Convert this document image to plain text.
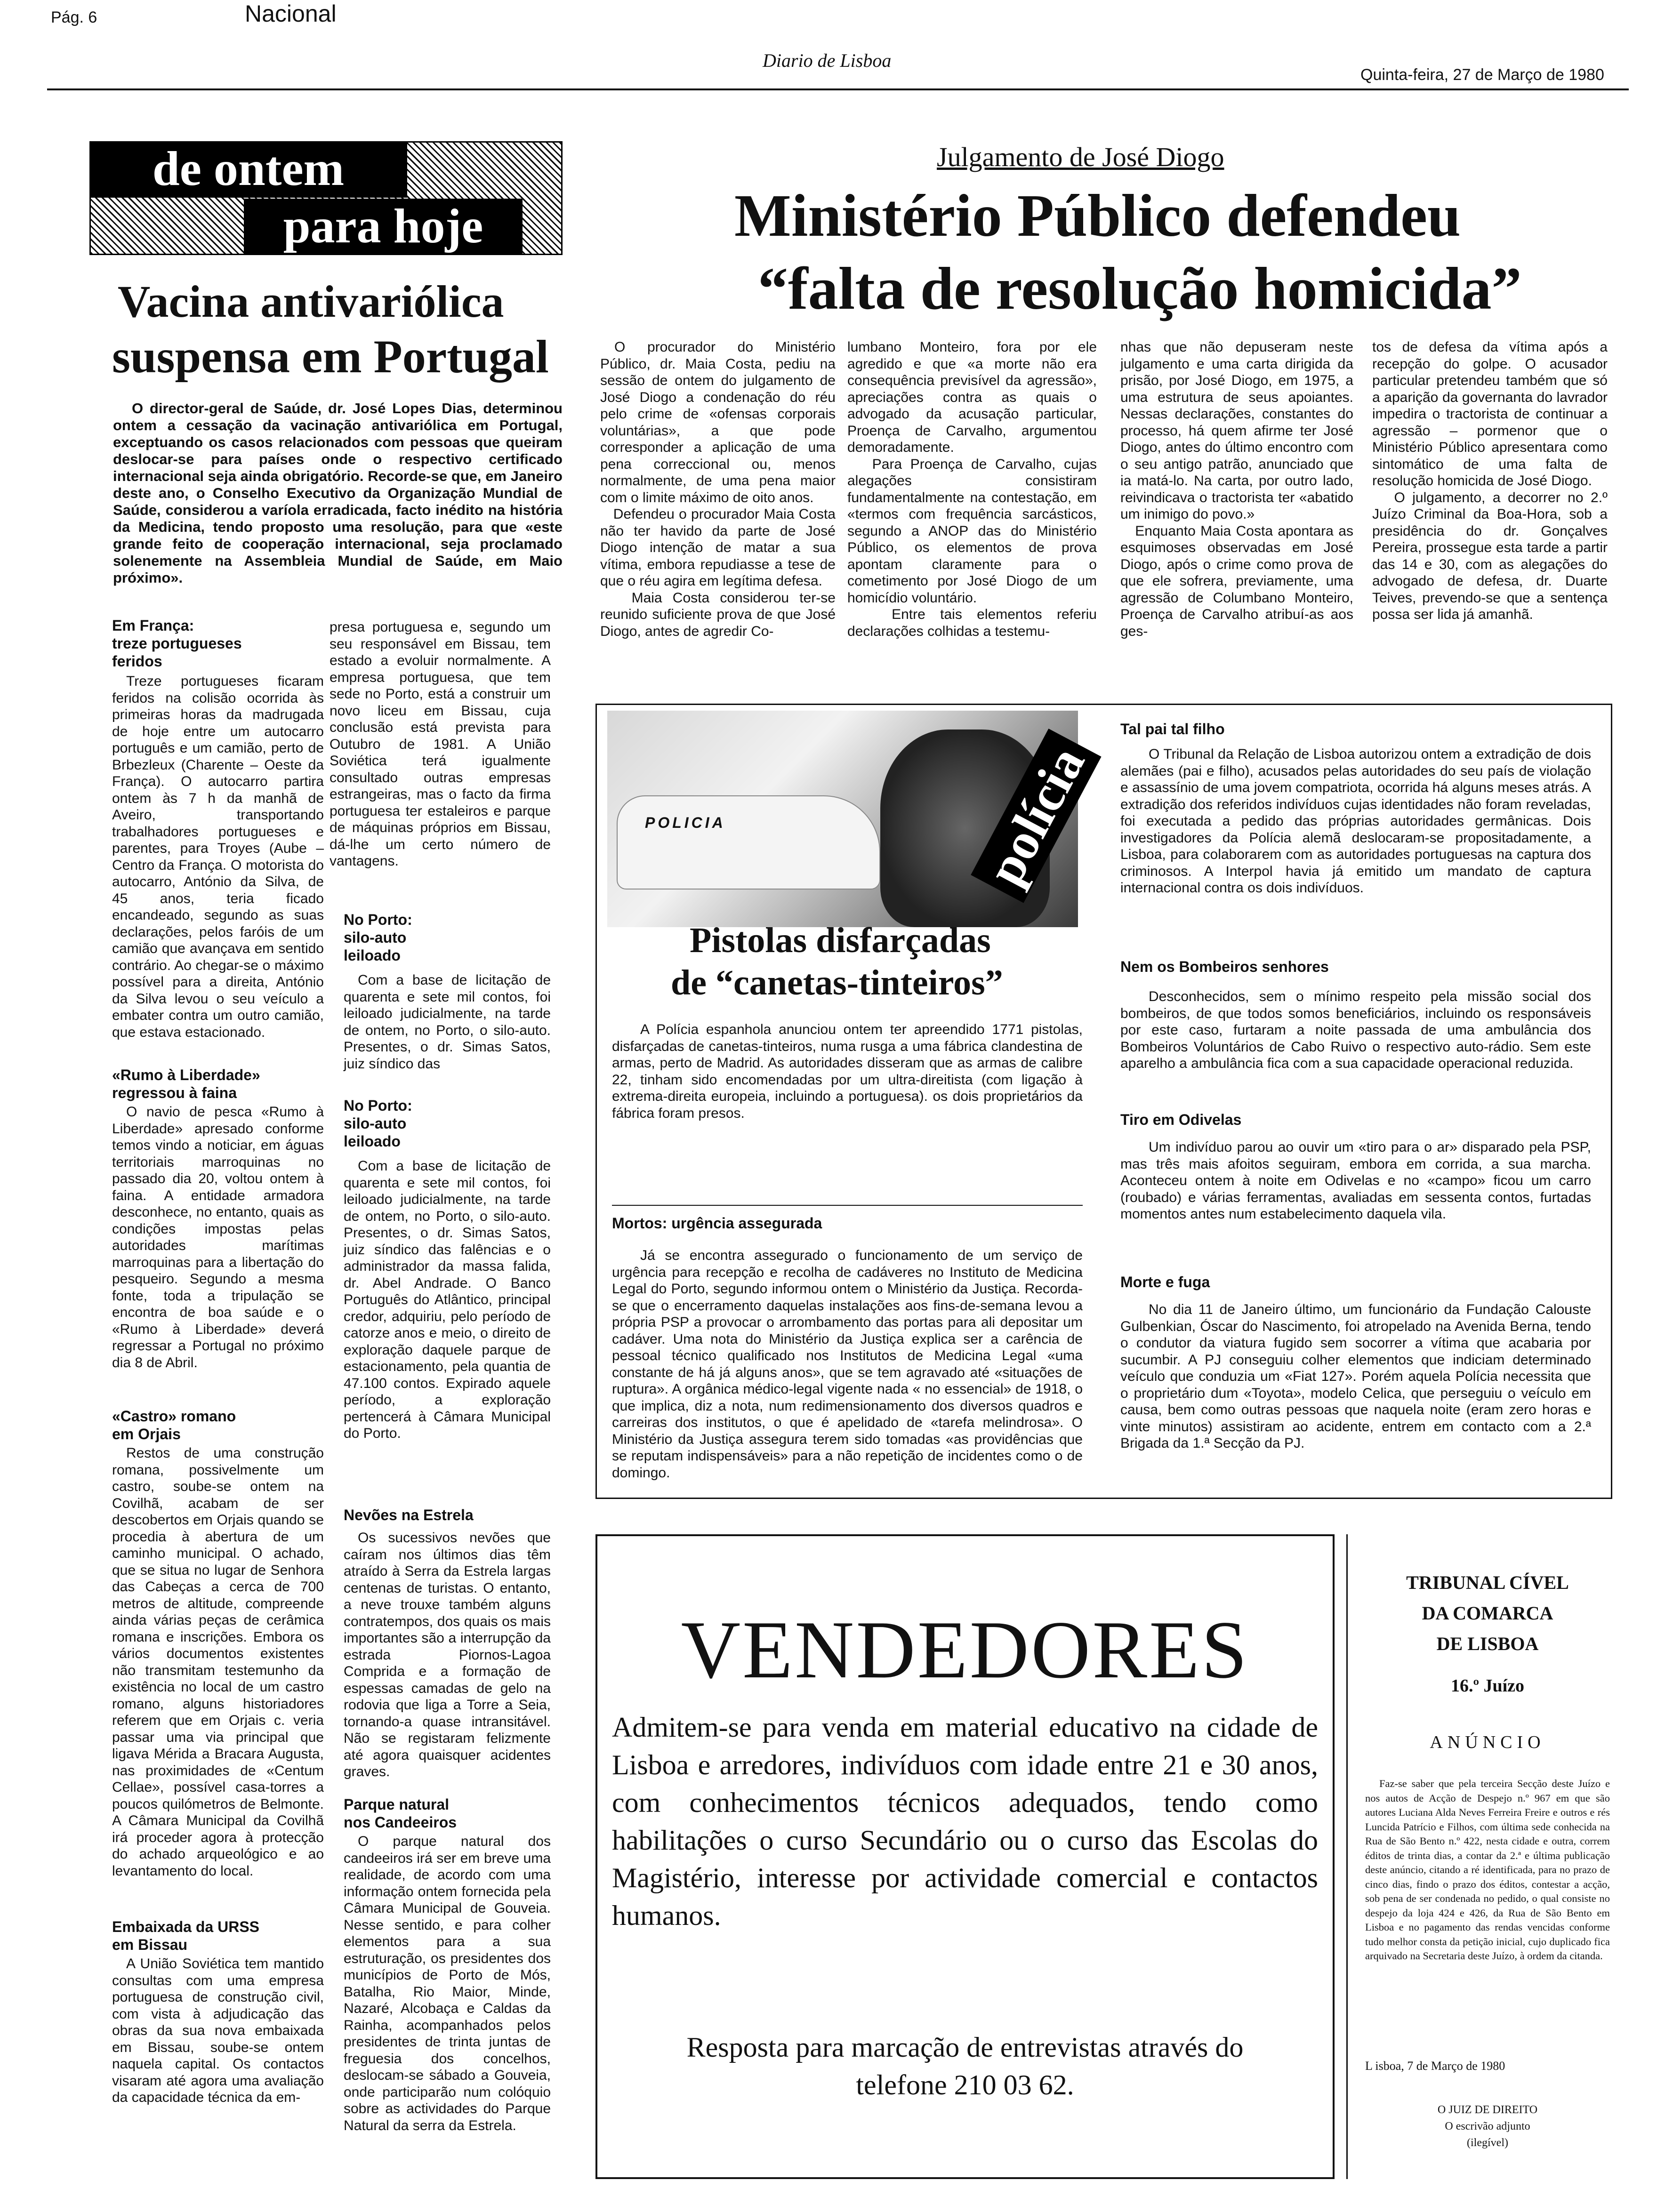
Pág. 6	Nacional
Diario de Lisboa
Quinta-feira, 27 de Março de 1980
de ontem
para hoje
Vacina antivariólica
suspensa em Portugal
O director-geral de Saúde, dr. José Lopes Dias, determinou ontem a cessação da vacinação antivariólica em Portugal, exceptuando os casos relacionados com pessoas que queiram deslocar-se para países onde o respectivo certificado internacional seja ainda obrigatório. Recorde-se que, em Janeiro deste ano, o Conselho Executivo da Organização Mundial de Saúde, considerou a varíola erradicada, facto inédito na história da Medicina, tendo proposto uma resolução, para que «este grande feito de cooperação internacional, seja proclamado solenemente na Assembleia Mundial de Saúde, em Maio próximo».
Em França:
treze portugueses
feridos
Treze portugueses ficaram feridos na colisão ocorrida às primeiras horas da madrugada de hoje entre um autocarro português e um camião, perto de Brbezleux (Charente – Oeste da França). O autocarro partira ontem às 7 h da manhã de Aveiro, transportando trabalhadores portugueses e parentes, para Troyes (Aube – Centro da França. O motorista do autocarro, António da Silva, de 45 anos, teria ficado encandeado, segundo as suas declarações, pelos faróis de um camião que avançava em sentido contrário. Ao chegar-se o máximo possível para a direita, António da Silva levou o seu veículo a embater contra um outro camião, que estava estacionado.
«Rumo à Liberdade»
regressou à faina
O navio de pesca «Rumo à Liberdade» apresado conforme temos vindo a noticiar, em águas territoriais marroquinas no passado dia 20, voltou ontem à faina. A entidade armadora desconhece, no entanto, quais as condições impostas pelas autoridades marítimas marroquinas para a libertação do pesqueiro. Segundo a mesma fonte, toda a tripulação se encontra de boa saúde e o «Rumo à Liberdade» deverá regressar a Portugal no próximo dia 8 de Abril.
«Castro» romano
em Orjais
Restos de uma construção romana, possivelmente um castro, soube-se ontem na Covilhã, acabam de ser descobertos em Orjais quando se procedia à abertura de um caminho municipal. O achado, que se situa no lugar de Senhora das Cabeças a cerca de 700 metros de altitude, compreende ainda várias peças de cerâmica romana e inscrições. Embora os vários documentos existentes não transmitam testemunho da existência no local de um castro romano, alguns historiadores referem que em Orjais c. veria passar uma via principal que ligava Mérida a Bracara Augusta, nas proximidades de «Centum Cellae», possível casa-torres a poucos quilómetros de Belmonte. A Câmara Municipal da Covilhã irá proceder agora à protecção do achado arqueológico e ao levantamento do local.
Embaixada da URSS
em Bissau
A União Soviética tem mantido consultas com uma empresa portuguesa de construção civil, com vista à adjudicação das obras da sua nova embaixada em Bissau, soube-se ontem naquela capital. Os contactos visaram até agora uma avaliação da capacidade técnica da em-
presa portuguesa e, segundo um seu responsável em Bissau, tem estado a evoluir normalmente. A empresa portuguesa, que tem sede no Porto, está a construir um novo liceu em Bissau, cuja conclusão está prevista para Outubro de 1981. A União Soviética terá igualmente consultado outras empresas estrangeiras, mas o facto da firma portuguesa ter estaleiros e parque de máquinas próprios em Bissau, dá-lhe um certo número de vantagens.
No Porto:
silo-auto
leiloado
Com a base de licitação de quarenta e sete mil contos, foi leiloado judicialmente, na tarde de ontem, no Porto, o silo-auto. Presentes, o dr. Simas Satos, juiz síndico das
No Porto:
silo-auto
leiloado
Com a base de licitação de quarenta e sete mil contos, foi leiloado judicialmente, na tarde de ontem, no Porto, o silo-auto. Presentes, o dr. Simas Satos, juiz síndico das falências e o administrador da massa falida, dr. Abel Andrade. O Banco Português do Atlântico, principal credor, adquiriu, pelo período de catorze anos e meio, o direito de exploração daquele parque de estacionamento, pela quantia de 47.100 contos. Expirado aquele período, a exploração pertencerá à Câmara Municipal do Porto.
Nevões na Estrela
Os sucessivos nevões que caíram nos últimos dias têm atraído à Serra da Estrela largas centenas de turistas. O entanto, a neve trouxe também alguns contratempos, dos quais os mais importantes são a interrupção da estrada Piornos-Lagoa Comprida e a formação de espessas camadas de gelo na rodovia que liga a Torre a Seia, tornando-a quase intransitável. Não se registaram felizmente até agora quaisquer acidentes graves.
Parque natural
nos Candeeiros
O parque natural dos candeeiros irá ser em breve uma realidade, de acordo com uma informação ontem fornecida pela Câmara Municipal de Gouveia. Nesse sentido, e para colher elementos para a sua estruturação, os presidentes dos municípios de Porto de Mós, Batalha, Rio Maior, Minde, Nazaré, Alcobaça e Caldas da Rainha, acompanhados pelos presidentes de trinta juntas de freguesia dos concelhos, deslocam-se sábado a Gouveia, onde participarão num colóquio sobre as actividades do Parque Natural da serra da Estrela.
Julgamento de José Diogo
Ministério Público defendeu
“falta de resolução homicida”
O procurador do Ministério Público, dr. Maia Costa, pediu na sessão de ontem do julgamento de José Diogo a condenação do réu pelo crime de «ofensas corporais voluntárias», a que pode corresponder a aplicação de uma pena correccional ou, menos normalmente, de uma pena maior com o limite máximo de oito anos.
Defendeu o procurador Maia Costa não ter havido da parte de José Diogo intenção de matar a sua vítima, embora repudiasse a tese de que o réu agira em legítima defesa.
Maia Costa considerou ter-se reunido suficiente prova de que José Diogo, antes de agredir Co-
lumbano Monteiro, fora por ele agredido e que «a morte não era consequência previsível da agressão», apreciações contra as quais o advogado da acusação particular, Proença de Carvalho, argumentou demoradamente.
Para Proença de Carvalho, cujas alegações consistiram fundamentalmente na contestação, em «termos com frequência sarcásticos, segundo a ANOP das do Ministério Público, os elementos de prova apontam claramente para o cometimento por José Diogo de um homicídio voluntário.
Entre tais elementos referiu declarações colhidas a testemu-
nhas que não depuseram neste julgamento e uma carta dirigida da prisão, por José Diogo, em 1975, a uma estrutura de seus apoiantes. Nessas declarações, constantes do processo, há quem afirme ter José Diogo, antes do último encontro com o seu antigo patrão, anunciado que ia matá-lo. Na carta, por outro lado, reivindicava o tractorista ter «abatido um inimigo do povo.»
Enquanto Maia Costa apontara as esquimoses observadas em José Diogo, após o crime como prova de que ele sofrera, previamente, uma agressão de Columbano Monteiro, Proença de Carvalho atribuí-as aos ges-
tos de defesa da vítima após a recepção do golpe. O acusador particular pretendeu também que só a aparição da governanta do lavrador impedira o tractorista de continuar a agressão – pormenor que o Ministério Público apresentara como sintomático de uma falta de resolução homicida de José Diogo.
O julgamento, a decorrer no 2.º Juízo Criminal da Boa-Hora, sob a presidência do dr. Gonçalves Pereira, prossegue esta tarde a partir das 14 e 30, com as alegações do advogado de defesa, dr. Duarte Teives, prevendo-se que a sentença possa ser lida já amanhã.
POLICIA	polícia
Pistolas disfarçadas
de “canetas-tinteiros”
A Polícia espanhola anunciou ontem ter apreendido 1771 pistolas, disfarçadas de canetas-tinteiros, numa rusga a uma fábrica clandestina de armas, perto de Madrid. As autoridades disseram que as armas de calibre 22, tinham sido encomendadas por um ultra-direitista (com ligação à extrema-direita europeia, incluindo a portuguesa). os dois proprietários da fábrica foram presos.
Mortos: urgência assegurada
Já se encontra assegurado o funcionamento de um serviço de urgência para recepção e recolha de cadáveres no Instituto de Medicina Legal do Porto, segundo informou ontem o Ministério da Justiça. Recorda-se que o encerramento daquelas instalações aos fins-de-semana levou a própria PSP a provocar o arrombamento das portas para ali depositar um cadáver. Uma nota do Ministério da Justiça explica ser a carência de pessoal técnico qualificado nos Institutos de Medicina Legal «uma constante de há já alguns anos», que se tem agravado até «situações de ruptura». A orgânica médico-legal vigente nada « no essencial» de 1918, o que implica, diz a nota, num redimensionamento dos diversos quadros e carreiras dos institutos, o que é apelidado de «tarefa melindrosa». O Ministério da Justiça assegura terem sido tomadas «as providências que se reputam indispensáveis» para a não repetição de incidentes como o de domingo.
Tal pai tal filho
O Tribunal da Relação de Lisboa autorizou ontem a extradição de dois alemães (pai e filho), acusados pelas autoridades do seu país de violação e assassínio de uma jovem compatriota, ocorrida há alguns meses atrás. A extradição dos referidos indivíduos cujas identidades não foram reveladas, foi executada a pedido das próprias autoridades germânicas. Dois investigadores da Polícia alemã deslocaram-se propositadamente, a Lisboa, para colaborarem com as autoridades portuguesas na captura dos criminosos. A Interpol havia já emitido um mandato de captura internacional contra os dois indivíduos.
Nem os Bombeiros senhores
Desconhecidos, sem o mínimo respeito pela missão social dos bombeiros, de que todos somos beneficiários, incluindo os responsáveis por este caso, furtaram a noite passada de uma ambulância dos Bombeiros Voluntários de Cabo Ruivo o respectivo auto-rádio. Sem este aparelho a ambulância fica com a sua capacidade operacional reduzida.
Tiro em Odivelas
Um indivíduo parou ao ouvir um «tiro para o ar» disparado pela PSP, mas três mais afoitos seguiram, embora em corrida, a sua marcha. Aconteceu ontem à noite em Odivelas e no «campo» ficou um carro (roubado) e várias ferramentas, avaliadas em sessenta contos, furtadas momentos antes num estabelecimento daquela vila.
Morte e fuga
No dia 11 de Janeiro último, um funcionário da Fundação Calouste Gulbenkian, Óscar do Nascimento, foi atropelado na Avenida Berna, tendo o condutor da viatura fugido sem socorrer a vítima que acabaria por sucumbir. A PJ conseguiu colher elementos que indiciam determinado veículo que conduzia um «Fiat 127». Porém aquela Polícia necessita que o proprietário dum «Toyota», modelo Celica, que perseguiu o veículo em causa, bem como outras pessoas que naquela noite (eram zero horas e vinte minutos) assistiram ao acidente, entrem em contacto com a 2.ª Brigada da 1.ª Secção da PJ.
VENDEDORES
Admitem-se para venda em material educativo na cidade de Lisboa e arredores, indivíduos com idade entre 21 e 30 anos, com conhecimentos técnicos adequados, tendo como habilitações o curso Secundário ou o curso das Escolas do Magistério, interesse por actividade comercial e contactos humanos.
Resposta para marcação de entrevistas através do telefone 210 03 62.
TRIBUNAL CÍVEL
DA COMARCA
DE LISBOA
16.º Juízo
ANÚNCIO
Faz-se saber que pela terceira Secção deste Juízo e nos autos de Acção de Despejo n.º 967 em que são autores Luciana Alda Neves Ferreira Freire e outros e rés Luncida Patrício e Filhos, com última sede conhecida na Rua de São Bento n.º 422, nesta cidade e outra, correm éditos de trinta dias, a contar da 2.ª e última publicação deste anúncio, citando a ré identificada, para no prazo de cinco dias, findo o prazo dos éditos, contestar a acção, sob pena de ser condenada no pedido, o qual consiste no despejo da loja 424 e 426, da Rua de São Bento em Lisboa e no pagamento das rendas vencidas conforme tudo melhor consta da petição inicial, cujo duplicado fica arquivado na Secretaria deste Juízo, à ordem da citanda.
L isboa, 7 de Março de 1980
O JUIZ DE DIREITO
O escrivão adjunto
(ilegível)
